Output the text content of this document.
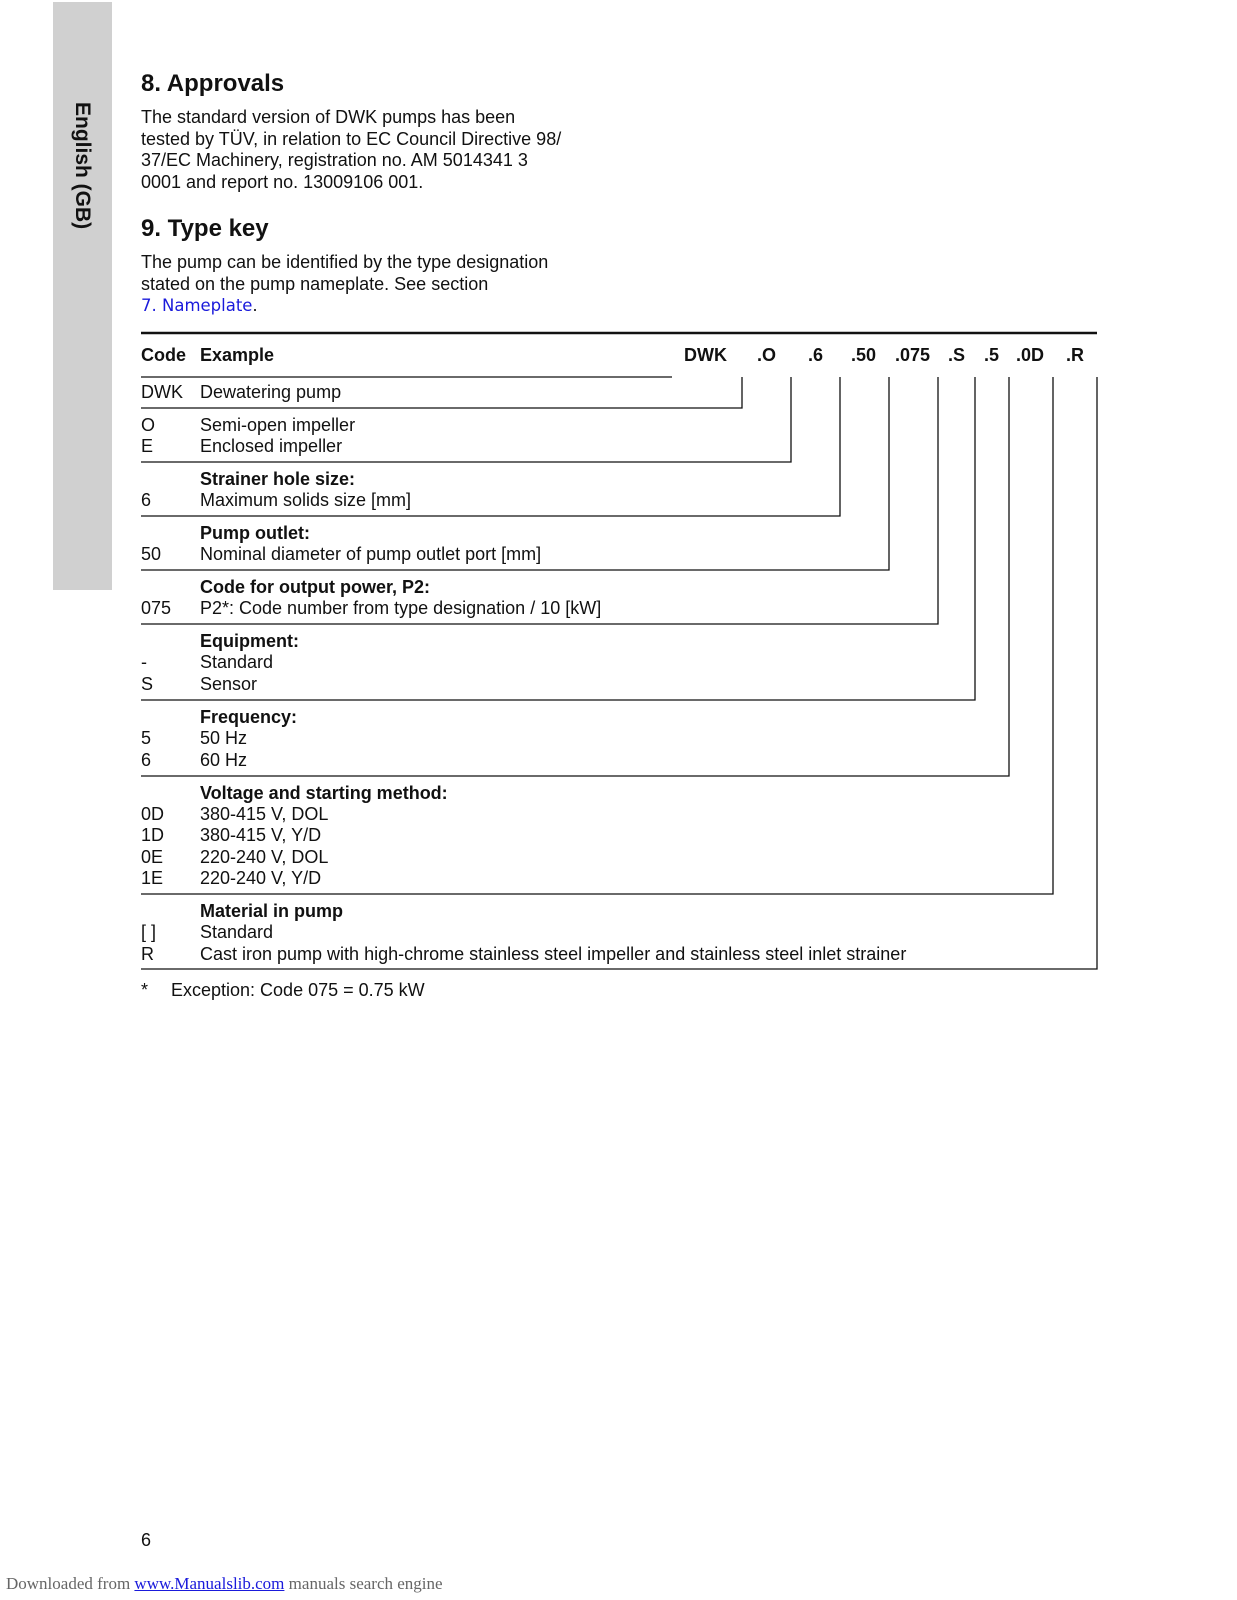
English (GB)
8. Approvals

The standard version of DWK pumps has been
tested by TÜV, in relation to EC Council Directive 98/
37/EC Machinery, registration no. AM 5014341 3
0001 and report no. 13009106 001.

9. Type key

The pump can be identified by the type designation
stated on the pump nameplate. See section
7. Nameplate.

Code Example	DWK .O .6 .50 .075 .S .5 .0D .R
DWK Dewatering pump
O Semi-open impeller
E	Enclosed impeller
Strainer hole size:
6	Maximum solids size [mm]
Pump outlet:
50 Nominal diameter of pump outlet port [mm]
Code for output power, P2:
075 P2*: Code number from type designation / 10 [kW]
Equipment:
-	Standard
S	Sensor
Frequency:
5	50 Hz
6	60 Hz
Voltage and starting method:
0D 380-415 V, DOL
1D 380-415 V, Y/D
0E 220-240 V, DOL
1E 220-240 V, Y/D
Material in pump
[ ] Standard
R	Cast iron pump with high-chrome stainless steel impeller and stainless steel inlet strainer
* Exception: Code 075 = 0.75 kW
6
Downloaded from www.Manualslib.com manuals search engine
